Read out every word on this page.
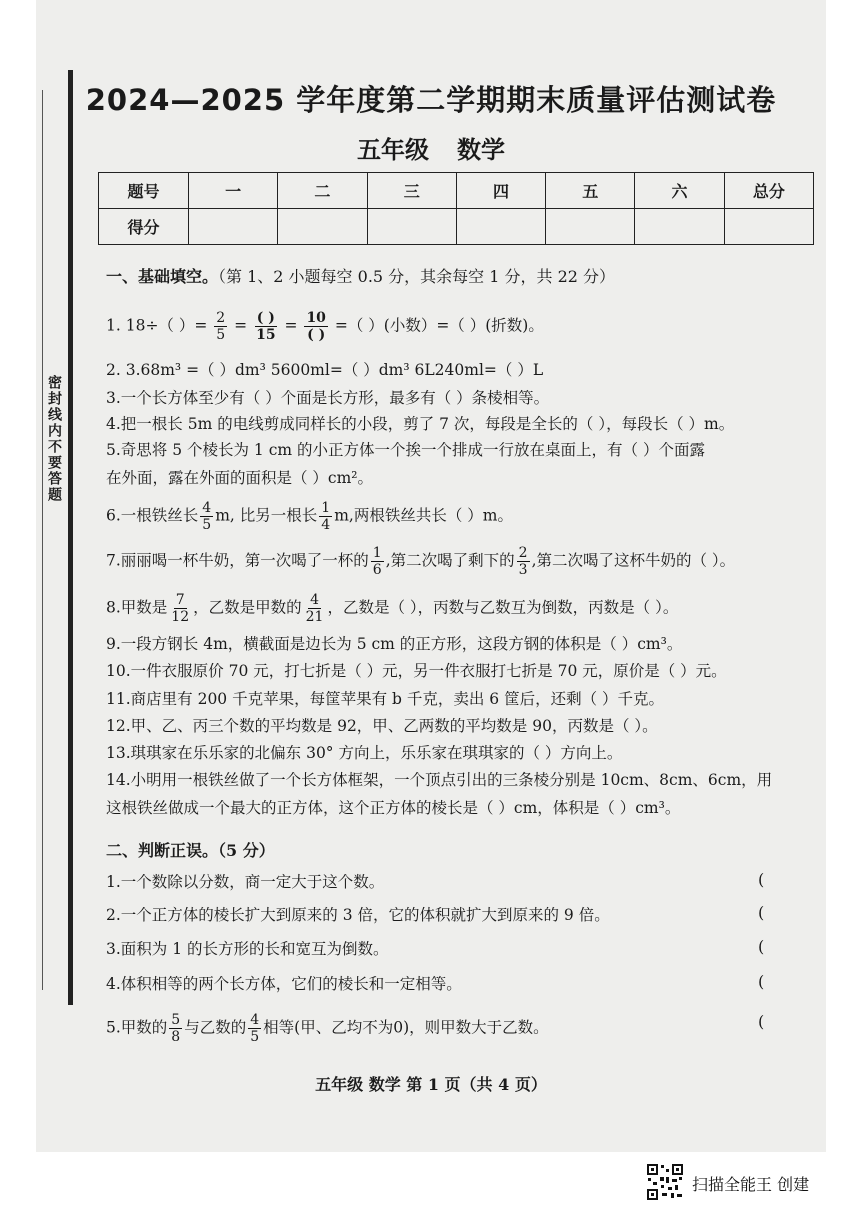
密封线内不要答题
2024—2025 学年度第二学期期末质量评估测试卷
五年级 数学
题号	一	二	三	四	五	六	总分
得分							
一、基础填空。（第 1、2 小题每空 0.5 分，其余每空 1 分，共 22 分）
1. 18÷（ ）= $\frac{2}{5} = \frac{( )}{15} = \frac{10}{( )}$ =（ ）(小数）=（ ）(折数)。
2. 3.68m³ =（ ）dm³ 5600ml=（ ）dm³ 6L240ml=（ ）L
3.一个长方体至少有（ ）个面是长方形，最多有（ ）条棱相等。
4.把一根长 5m 的电线剪成同样长的小段，剪了 7 次，每段是全长的（ ），每段长（ ）m。
5.奇思将 5 个棱长为 1 cm 的小正方体一个挨一个排成一行放在桌面上，有（ ）个面露
在外面，露在外面的面积是（ ）cm²。
6.一根铁丝长 $\frac{4}{5} m$, 比另一根长 $\frac{1}{4} m$,两根铁丝共长（ ）m。
7.丽丽喝一杯牛奶，第一次喝了一杯的 $\frac{1}{6}$ ,第二次喝了剩下的 $\frac{2}{3}$ ,第二次喝了这杯牛奶的（ ）。
8.甲数是 $\frac{7}{12}$ ，乙数是甲数的 $\frac{4}{21}$ ，乙数是（ ），丙数与乙数互为倒数，丙数是（ ）。
9.一段方钢长 4m，横截面是边长为 5 cm 的正方形，这段方钢的体积是（ ）cm³。
10.一件衣服原价 70 元，打七折是（ ）元，另一件衣服打七折是 70 元，原价是（ ）元。
11.商店里有 200 千克苹果，每筐苹果有 b 千克，卖出 6 筐后，还剩（ ）千克。
12.甲、乙、丙三个数的平均数是 92，甲、乙两数的平均数是 90，丙数是（ ）。
13.琪琪家在乐乐家的北偏东 30° 方向上，乐乐家在琪琪家的（ ）方向上。
14.小明用一根铁丝做了一个长方体框架，一个顶点引出的三条棱分别是 10cm、8cm、6cm，用
这根铁丝做成一个最大的正方体，这个正方体的棱长是（ ）cm，体积是（ ）cm³。
二、判断正误。（5 分）
1.一个数除以分数，商一定大于这个数。	(
2.一个正方体的棱长扩大到原来的 3 倍，它的体积就扩大到原来的 9 倍。	(
3.面积为 1 的长方形的长和宽互为倒数。	(
4.体积相等的两个长方体，它们的棱长和一定相等。	(
5.甲数的 $\frac{5}{8}$ 与乙数的 $\frac{4}{5}$ 相等(甲、乙均不为0)，则甲数大于乙数。	(
五年级 数学 第 1 页（共 4 页）
扫描全能王 创建
